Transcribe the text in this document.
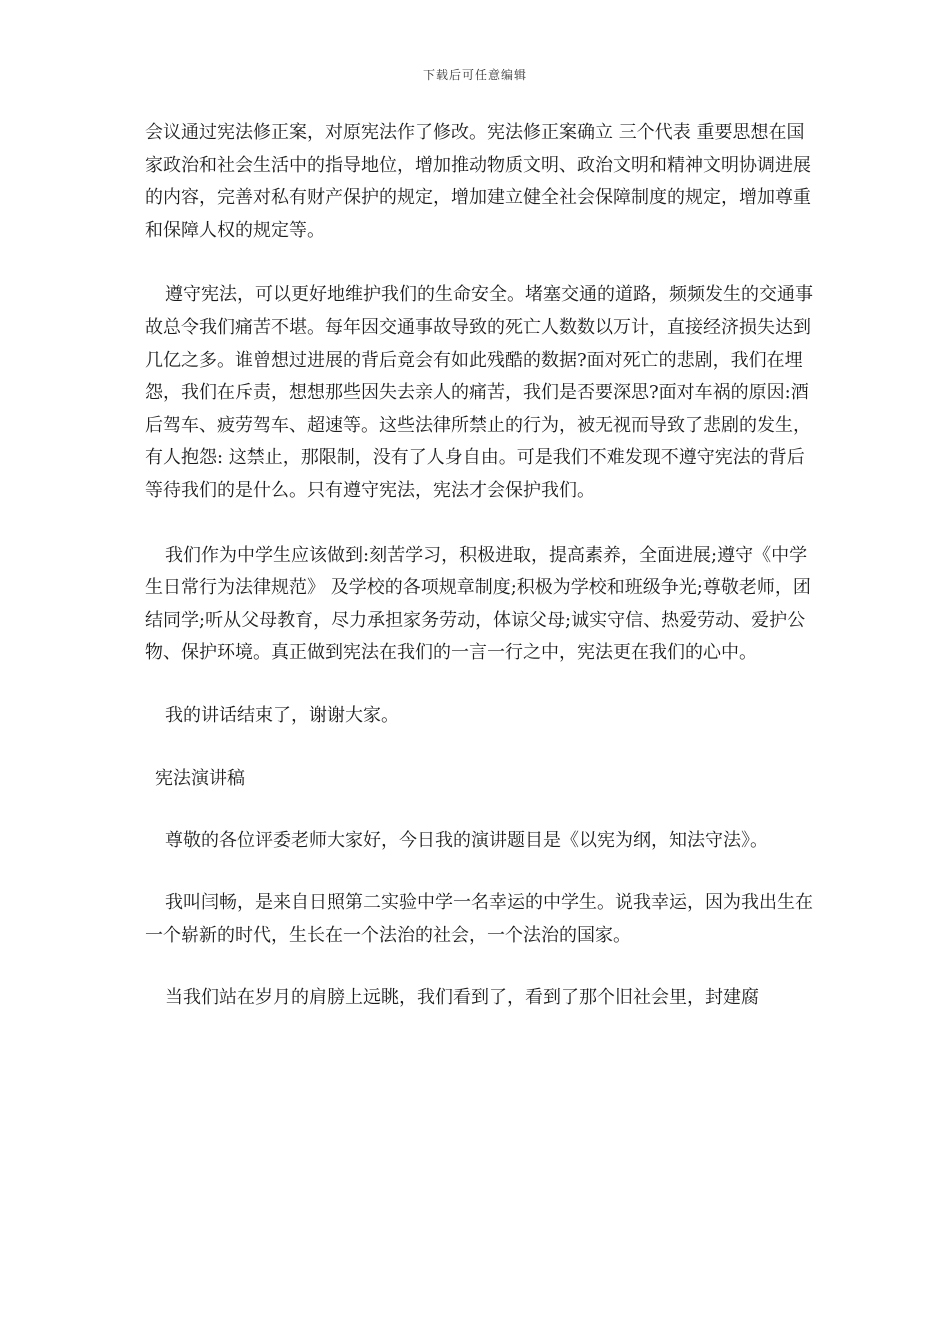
下载后可任意编辑

会议通过宪法修正案，对原宪法作了修改。宪法修正案确立 三个代表 重要思想在国家政治和社会生活中的指导地位，增加推动物质文明、政治文明和精神文明协调进展的内容，完善对私有财产保护的规定，增加建立健全社会保障制度的规定，增加尊重和保障人权的规定等。

遵守宪法，可以更好地维护我们的生命安全。堵塞交通的道路，频频发生的交通事故总令我们痛苦不堪。每年因交通事故导致的死亡人数数以万计，直接经济损失达到几亿之多。谁曾想过进展的背后竟会有如此残酷的数据?面对死亡的悲剧，我们在埋怨，我们在斥责，想想那些因失去亲人的痛苦，我们是否要深思?面对车祸的原因:酒后驾车、疲劳驾车、超速等。这些法律所禁止的行为，被无视而导致了悲剧的发生，有人抱怨: 这禁止，那限制，没有了人身自由。可是我们不难发现不遵守宪法的背后等待我们的是什么。只有遵守宪法，宪法才会保护我们。

我们作为中学生应该做到:刻苦学习，积极进取，提高素养，全面进展;遵守《中学生日常行为法律规范》 及学校的各项规章制度;积极为学校和班级争光;尊敬老师，团结同学;听从父母教育，尽力承担家务劳动，体谅父母;诚实守信、热爱劳动、爱护公物、保护环境。真正做到宪法在我们的一言一行之中，宪法更在我们的心中。

我的讲话结束了，谢谢大家。

宪法演讲稿

尊敬的各位评委老师大家好，今日我的演讲题目是《以宪为纲，知法守法》。

我叫闫畅，是来自日照第二实验中学一名幸运的中学生。说我幸运，因为我出生在一个崭新的时代，生长在一个法治的社会，一个法治的国家。

当我们站在岁月的肩膀上远眺，我们看到了，看到了那个旧社会里，封建腐
